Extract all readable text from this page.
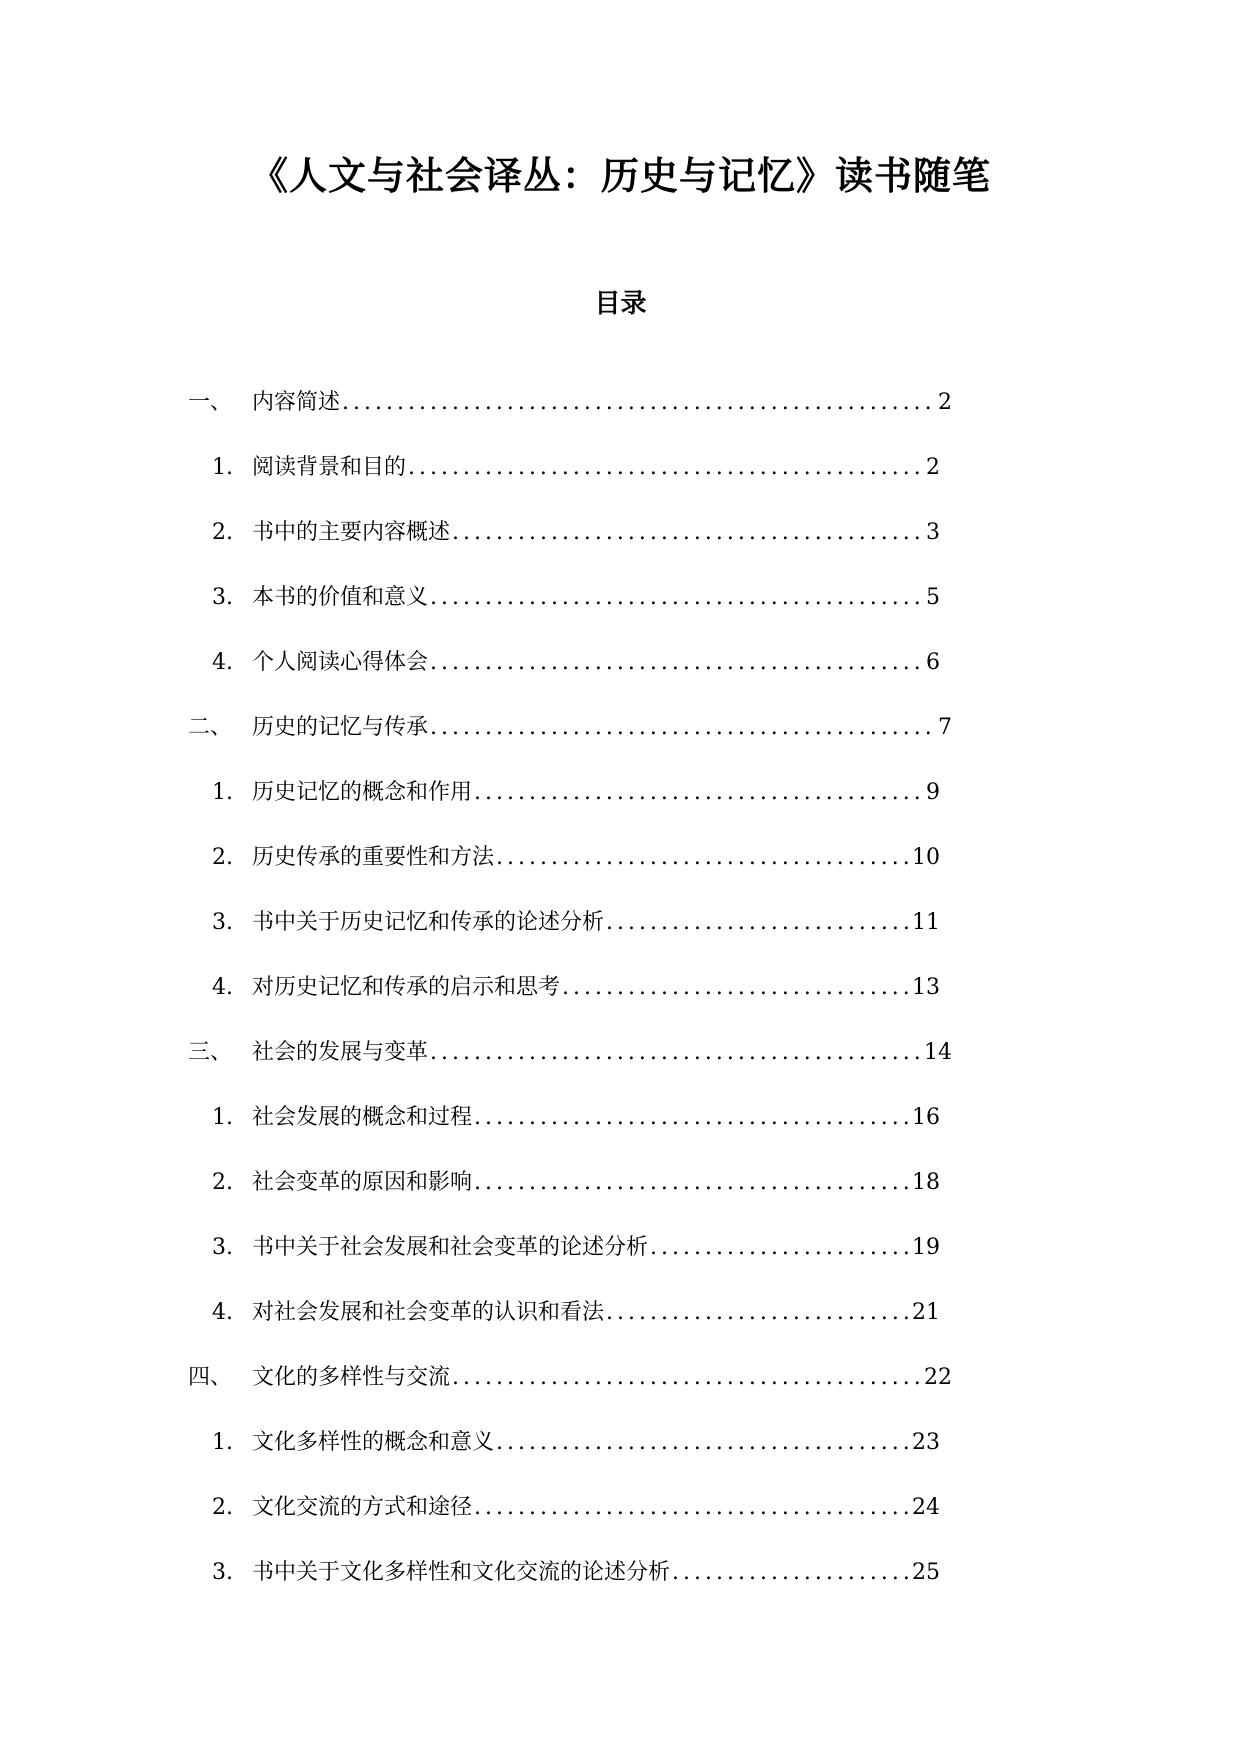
《人文与社会译丛：历史与记忆》读书随笔
目录
一、 内容简述 .....	2
1. 阅读背景和目的 .....	2
2. 书中的主要内容概述 .....	3
3. 本书的价值和意义 .....	5
4. 个人阅读心得体会 .....	6
二、 历史的记忆与传承 .....	7
1. 历史记忆的概念和作用 .....	9
2. 历史传承的重要性和方法 .....	10
3. 书中关于历史记忆和传承的论述分析 .....	11
4. 对历史记忆和传承的启示和思考 .....	13
三、 社会的发展与变革 .....	14
1. 社会发展的概念和过程 .....	16
2. 社会变革的原因和影响 .....	18
3. 书中关于社会发展和社会变革的论述分析 .....	19
4. 对社会发展和社会变革的认识和看法 .....	21
四、 文化的多样性与交流 .....	22
1. 文化多样性的概念和意义 .....	23
2. 文化交流的方式和途径 .....	24
3. 书中关于文化多样性和文化交流的论述分析 .....	25
